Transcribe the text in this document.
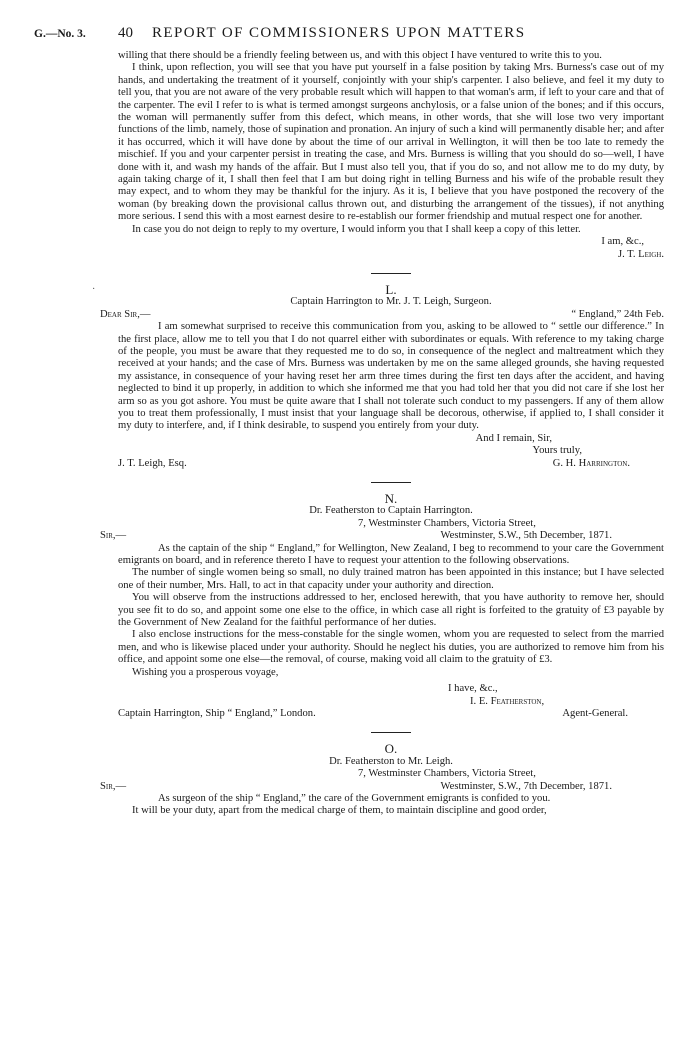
G.—No. 3. 40 REPORT OF COMMISSIONERS UPON MATTERS

willing that there should be a friendly feeling between us, and with this object I have ventured to write this to you.

I think, upon reflection, you will see that you have put yourself in a false position by taking Mrs. Burness's case out of my hands, and undertaking the treatment of it yourself, conjointly with your ship's carpenter. I also believe, and feel it my duty to tell you, that you are not aware of the very probable result which will happen to that woman's arm, if left to your care and that of the carpenter. The evil I refer to is what is termed amongst surgeons anchylosis, or a false union of the bones; and if this occurs, the woman will permanently suffer from this defect, which means, in other words, that she will lose two very important functions of the limb, namely, those of supination and pronation. An injury of such a kind will permanently disable her; and after it has occurred, which it will have done by about the time of our arrival in Wellington, it will then be too late to remedy the mischief. If you and your carpenter persist in treating the case, and Mrs. Burness is willing that you should do so—well, I have done with it, and wash my hands of the affair. But I must also tell you, that if you do so, and not allow me to do my duty, by again taking charge of it, I shall then feel that I am but doing right in telling Burness and his wife of the probable result they may expect, and to whom they may be thankful for the injury. As it is, I believe that you have postponed the recovery of the woman (by breaking down the provisional callus thrown out, and disturbing the arrangement of the tissues), if not anything more serious. I send this with a most earnest desire to re-establish our former friendship and mutual respect one for another.

In case you do not deign to reply to my overture, I would inform you that I shall keep a copy of this letter.

I am, &c.,

J. T. Leigh.

L.

Captain Harrington to Mr. J. T. Leigh, Surgeon.

Dear Sir,—	“ England,” 24th Feb.

I am somewhat surprised to receive this communication from you, asking to be allowed to “ settle our difference.” In the first place, allow me to tell you that I do not quarrel either with subordinates or equals. With reference to my taking charge of the people, you must be aware that they requested me to do so, in consequence of the neglect and maltreatment which they received at your hands; and the case of Mrs. Burness was undertaken by me on the same alleged grounds, she having requested my assistance, in consequence of your having reset her arm three times during the first ten days after the accident, and having neglected to bind it up properly, in addition to which she informed me that you had told her that you did not care if she lost her arm so as you got ashore. You must be quite aware that I shall not tolerate such conduct to my passengers. If any of them allow you to treat them professionally, I must insist that your language shall be decorous, otherwise, if applied to, I shall consider it my duty to interfere, and, if I think desirable, to suspend you entirely from your duty.

And I remain, Sir,

Yours truly,

J. T. Leigh, Esq.	G. H. Harrington.

N.

Dr. Featherston to Captain Harrington.

7, Westminster Chambers, Victoria Street,

Sir,—	Westminster, S.W., 5th December, 1871.

As the captain of the ship “ England,” for Wellington, New Zealand, I beg to recommend to your care the Government emigrants on board, and in reference thereto I have to request your attention to the following observations.

The number of single women being so small, no duly trained matron has been appointed in this instance; but I have selected one of their number, Mrs. Hall, to act in that capacity under your authority and direction.

You will observe from the instructions addressed to her, enclosed herewith, that you have authority to remove her, should you see fit to do so, and appoint some one else to the office, in which case all right is forfeited to the gratuity of £3 payable by the Government of New Zealand for the faithful performance of her duties.

I also enclose instructions for the mess-constable for the single women, whom you are requested to select from the married men, and who is likewise placed under your authority. Should he neglect his duties, you are authorized to remove him from his office, and appoint some one else—the removal, of course, making void all claim to the gratuity of £3.

Wishing you a prosperous voyage,

I have, &c.,

I. E. Featherston,

Captain Harrington, Ship “ England,” London.	Agent-General.

O.

Dr. Featherston to Mr. Leigh.

7, Westminster Chambers, Victoria Street,

Sir,—	Westminster, S.W., 7th December, 1871.

As surgeon of the ship “ England,” the care of the Government emigrants is confided to you.

It will be your duty, apart from the medical charge of them, to maintain discipline and good order,

·
